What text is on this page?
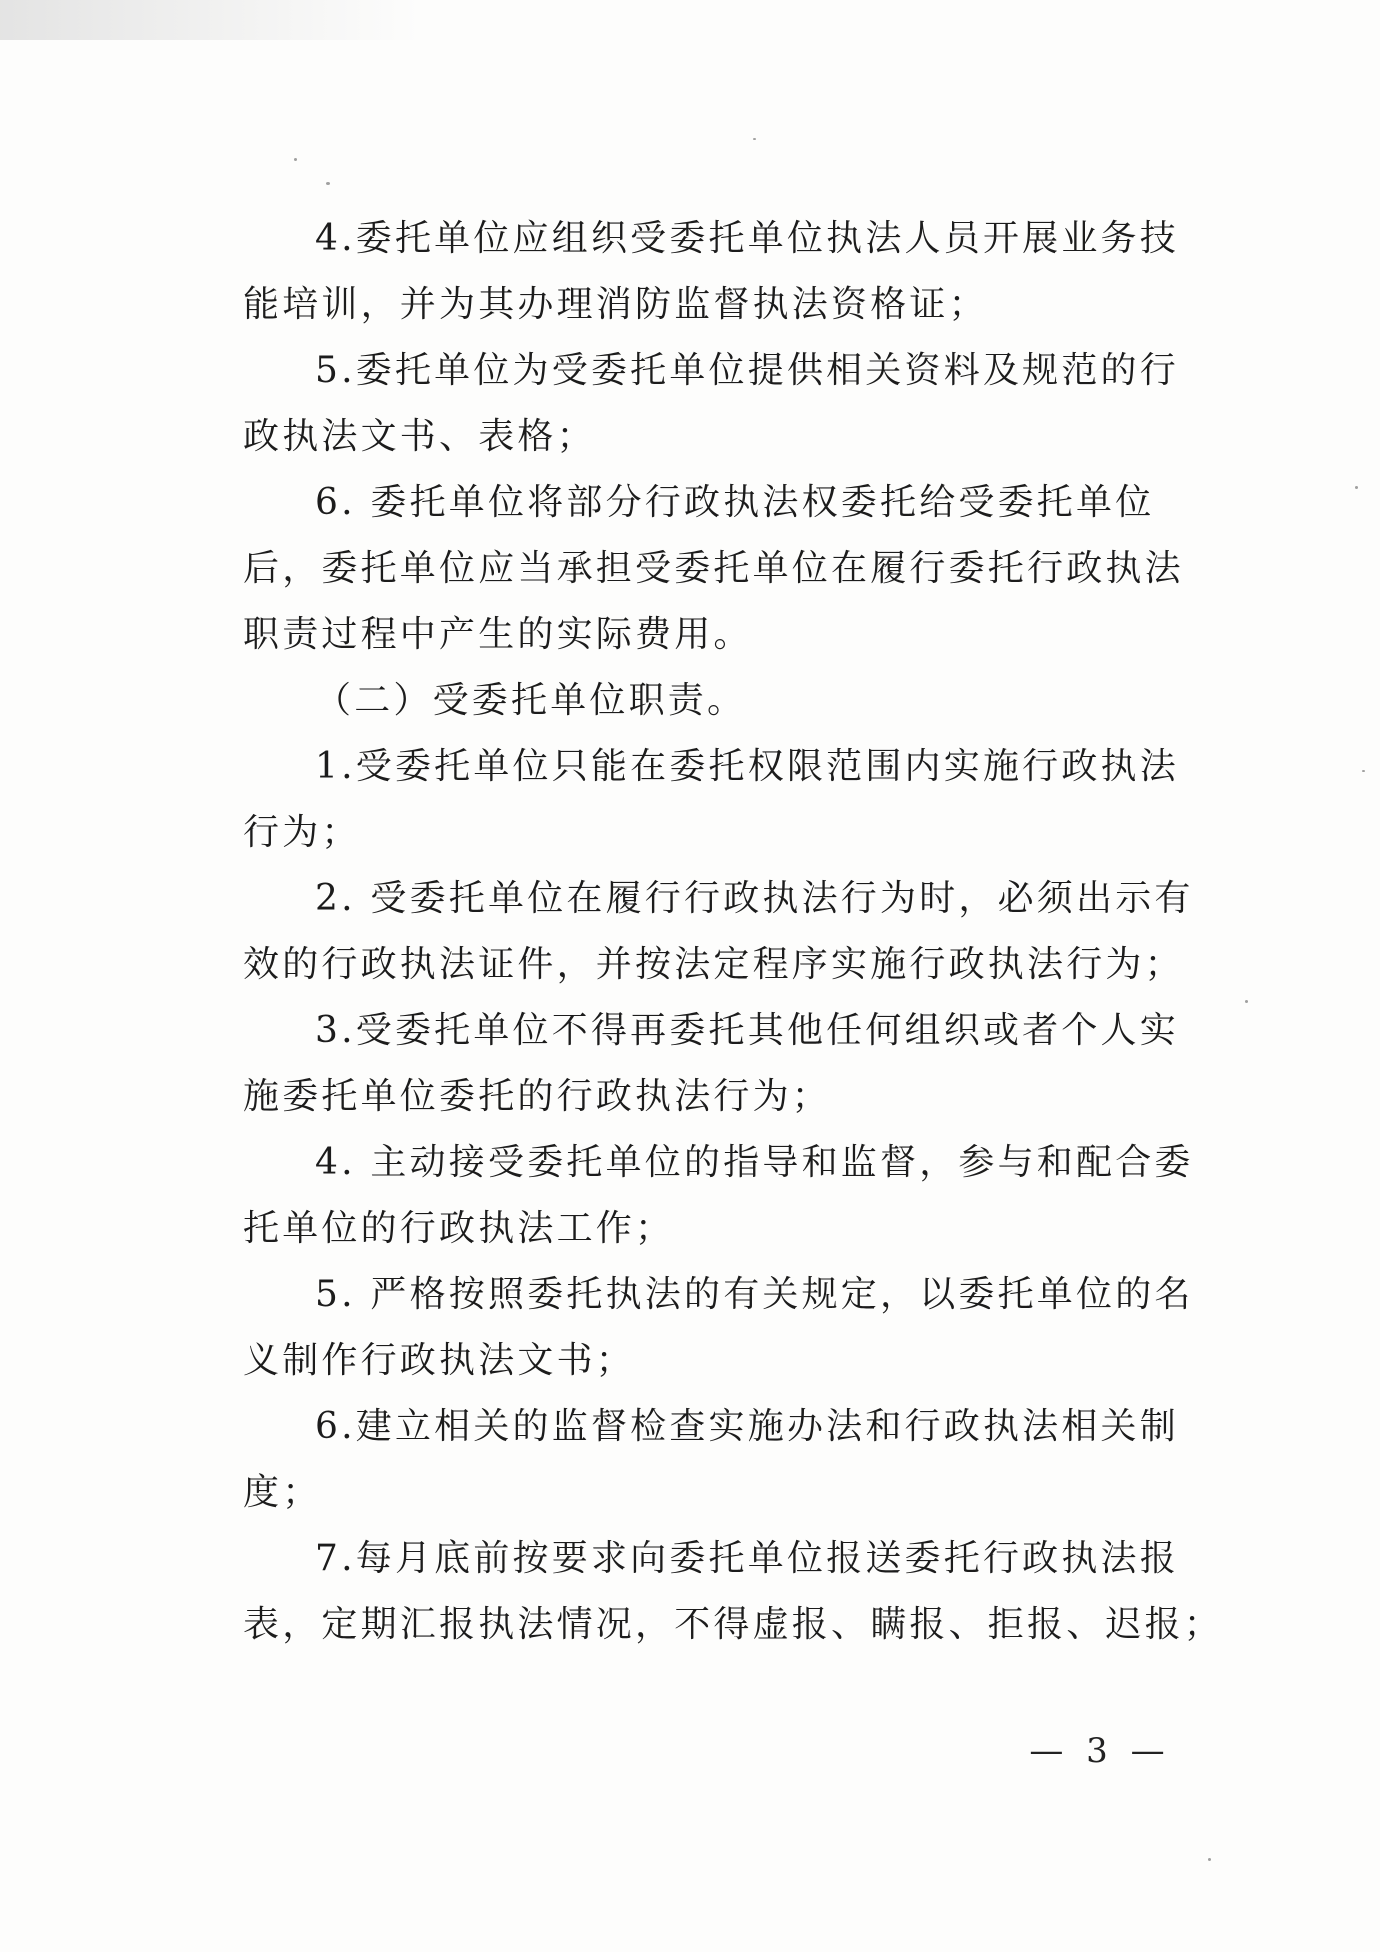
4.委托单位应组织受委托单位执法人员开展业务技
能培训，并为其办理消防监督执法资格证；
5.委托单位为受委托单位提供相关资料及规范的行
政执法文书、表格；
6. 委托单位将部分行政执法权委托给受委托单位
后，委托单位应当承担受委托单位在履行委托行政执法
职责过程中产生的实际费用。
（二）受委托单位职责。
1.受委托单位只能在委托权限范围内实施行政执法
行为；
2. 受委托单位在履行行政执法行为时，必须出示有
效的行政执法证件，并按法定程序实施行政执法行为；
3.受委托单位不得再委托其他任何组织或者个人实
施委托单位委托的行政执法行为；
4. 主动接受委托单位的指导和监督，参与和配合委
托单位的行政执法工作；
5. 严格按照委托执法的有关规定，以委托单位的名
义制作行政执法文书；
6.建立相关的监督检查实施办法和行政执法相关制
度；
7.每月底前按要求向委托单位报送委托行政执法报
表，定期汇报执法情况，不得虚报、瞒报、拒报、迟报；
— 3 —
